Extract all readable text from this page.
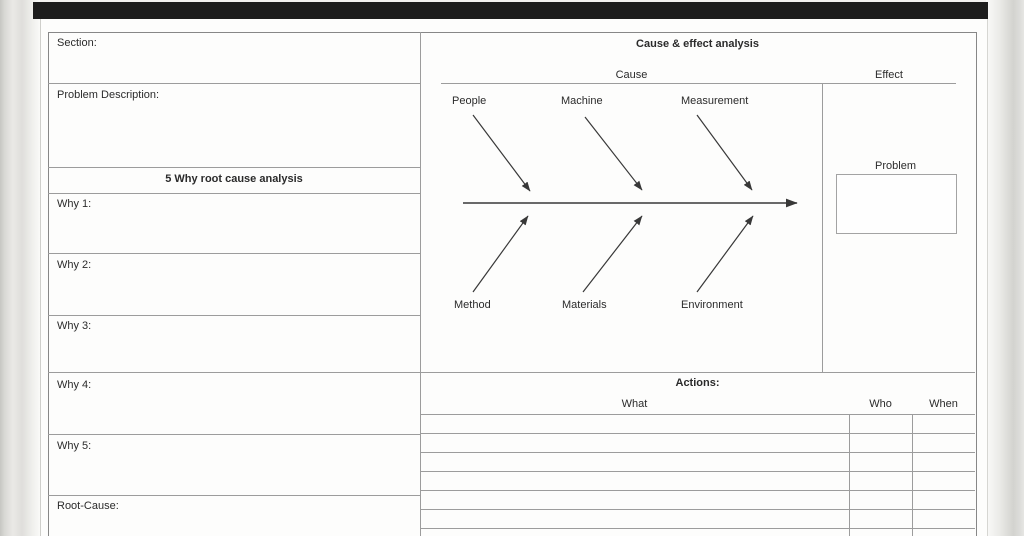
Section:
Problem Description:
5 Why root cause analysis
Why 1:
Why 2:
Why 3:
Why 4:
Why 5:
Root-Cause:
Cause & effect analysis
Cause	Effect
People	Machine	Measurement
Method	Materials	Environment
Problem
Actions:
What	Who	When
